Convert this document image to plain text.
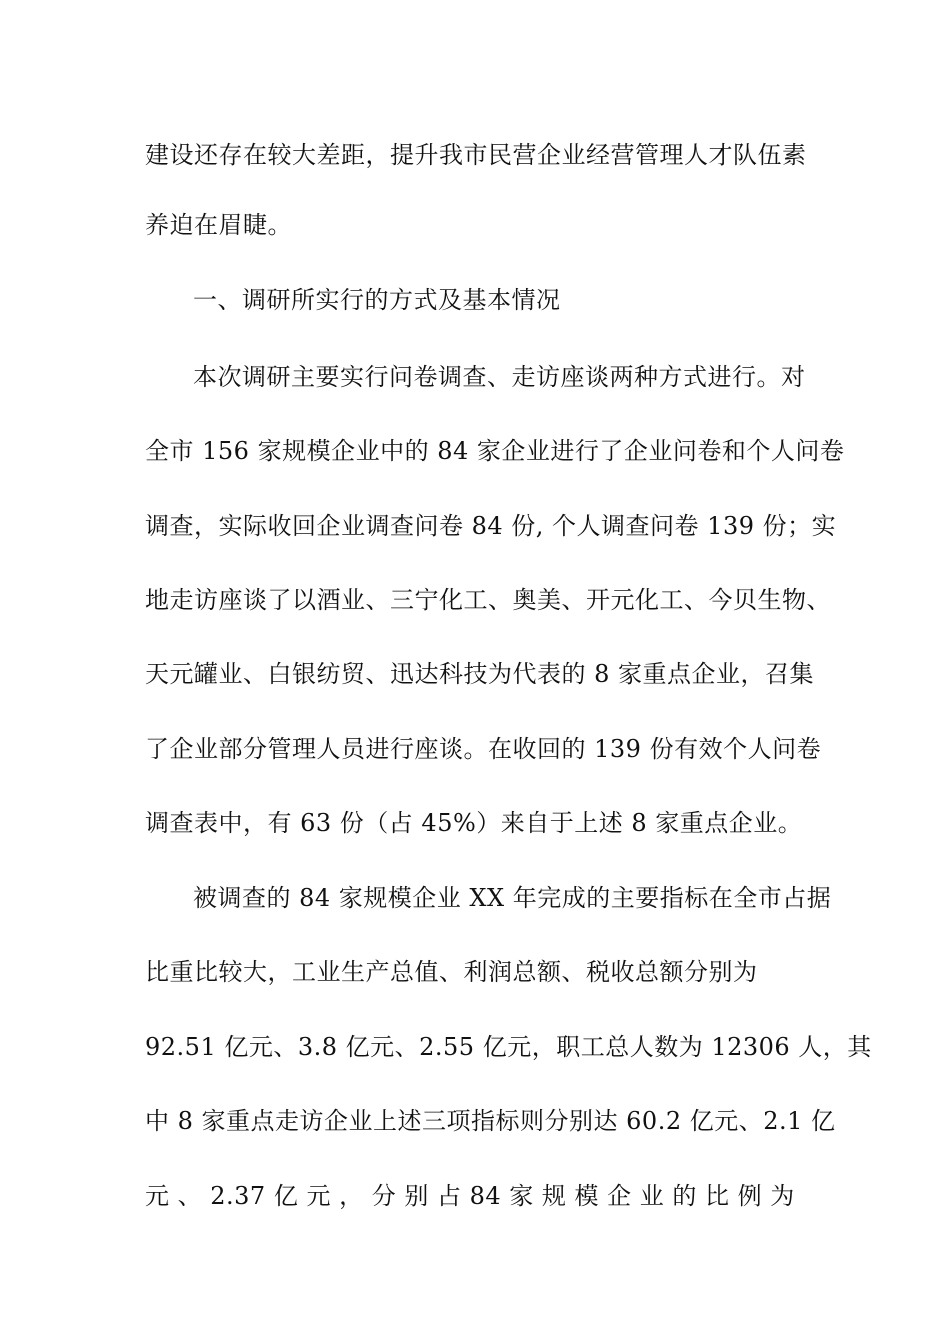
建设还存在较大差距，提升我市民营企业经营管理人才队伍素
养迫在眉睫。
一、调研所实行的方式及基本情况
本次调研主要实行问卷调查、走访座谈两种方式进行。对
全市 156 家规模企业中的 84 家企业进行了企业问卷和个人问卷
调查，实际收回企业调查问卷 84 份, 个人调查问卷 139 份；实
地走访座谈了以酒业、三宁化工、奥美、开元化工、今贝生物、
天元罐业、白银纺贸、迅达科技为代表的 8 家重点企业，召集
了企业部分管理人员进行座谈。在收回的 139 份有效个人问卷
调查表中，有 63 份（占 45%）来自于上述 8 家重点企业。
被调查的 84 家规模企业 XX 年完成的主要指标在全市占据
比重比较大，工业生产总值、利润总额、税收总额分别为
92.51 亿元、3.8 亿元、2.55 亿元，职工总人数为 12306 人，其
中 8 家重点走访企业上述三项指标则分别达 60.2 亿元、2.1 亿
元 、 2.37 亿 元 ， 分 别 占 84 家 规 模 企 业 的 比 例 为
